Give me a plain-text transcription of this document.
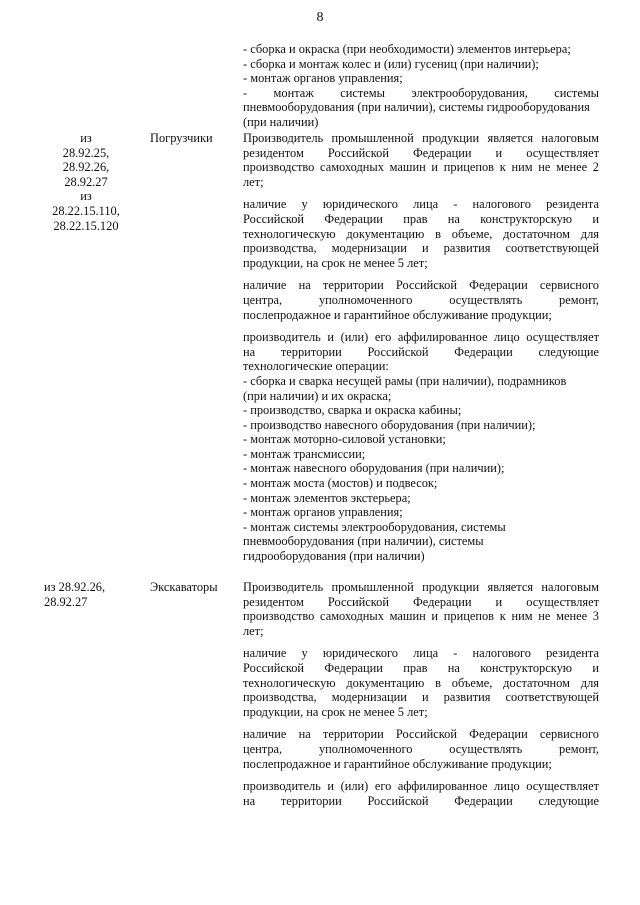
8
- сборка и окраска (при необходимости) элементов интерьера;
- сборка и монтаж колес и (или) гусениц (при наличии);
- монтаж органов управления;
- монтаж системы электрооборудования, системы
пневмооборудования (при наличии), системы гидрооборудования
(при наличии)
из
28.92.25,
28.92.26,
28.92.27
из
28.22.15.110,
28.22.15.120
Погрузчики	Производитель промышленной продукции является налоговым
резидентом Российской Федерации и осуществляет
производство самоходных машин и прицепов к ним не менее 2
лет;
наличие у юридического лица - налогового резидента
Российской Федерации прав на конструкторскую и
технологическую документацию в объеме, достаточном для
производства, модернизации и развития соответствующей
продукции, на срок не менее 5 лет;
наличие на территории Российской Федерации сервисного
центра, уполномоченного осуществлять ремонт,
послепродажное и гарантийное обслуживание продукции;
производитель и (или) его аффилированное лицо осуществляет
на территории Российской Федерации следующие
технологические операции:
- сборка и сварка несущей рамы (при наличии), подрамников
(при наличии) и их окраска;
- производство, сварка и окраска кабины;
- производство навесного оборудования (при наличии);
- монтаж моторно-силовой установки;
- монтаж трансмиссии;
- монтаж навесного оборудования (при наличии);
- монтаж моста (мостов) и подвесок;
- монтаж элементов экстерьера;
- монтаж органов управления;
- монтаж системы электрооборудования, системы
пневмооборудования (при наличии), системы
гидрооборудования (при наличии)
из 28.92.26,
28.92.27
Экскаваторы	Производитель промышленной продукции является налоговым
резидентом Российской Федерации и осуществляет
производство самоходных машин и прицепов к ним не менее 3
лет;
наличие у юридического лица - налогового резидента
Российской Федерации прав на конструкторскую и
технологическую документацию в объеме, достаточном для
производства, модернизации и развития соответствующей
продукции, на срок не менее 5 лет;
наличие на территории Российской Федерации сервисного
центра, уполномоченного осуществлять ремонт,
послепродажное и гарантийное обслуживание продукции;
производитель и (или) его аффилированное лицо осуществляет
на территории Российской Федерации следующие
